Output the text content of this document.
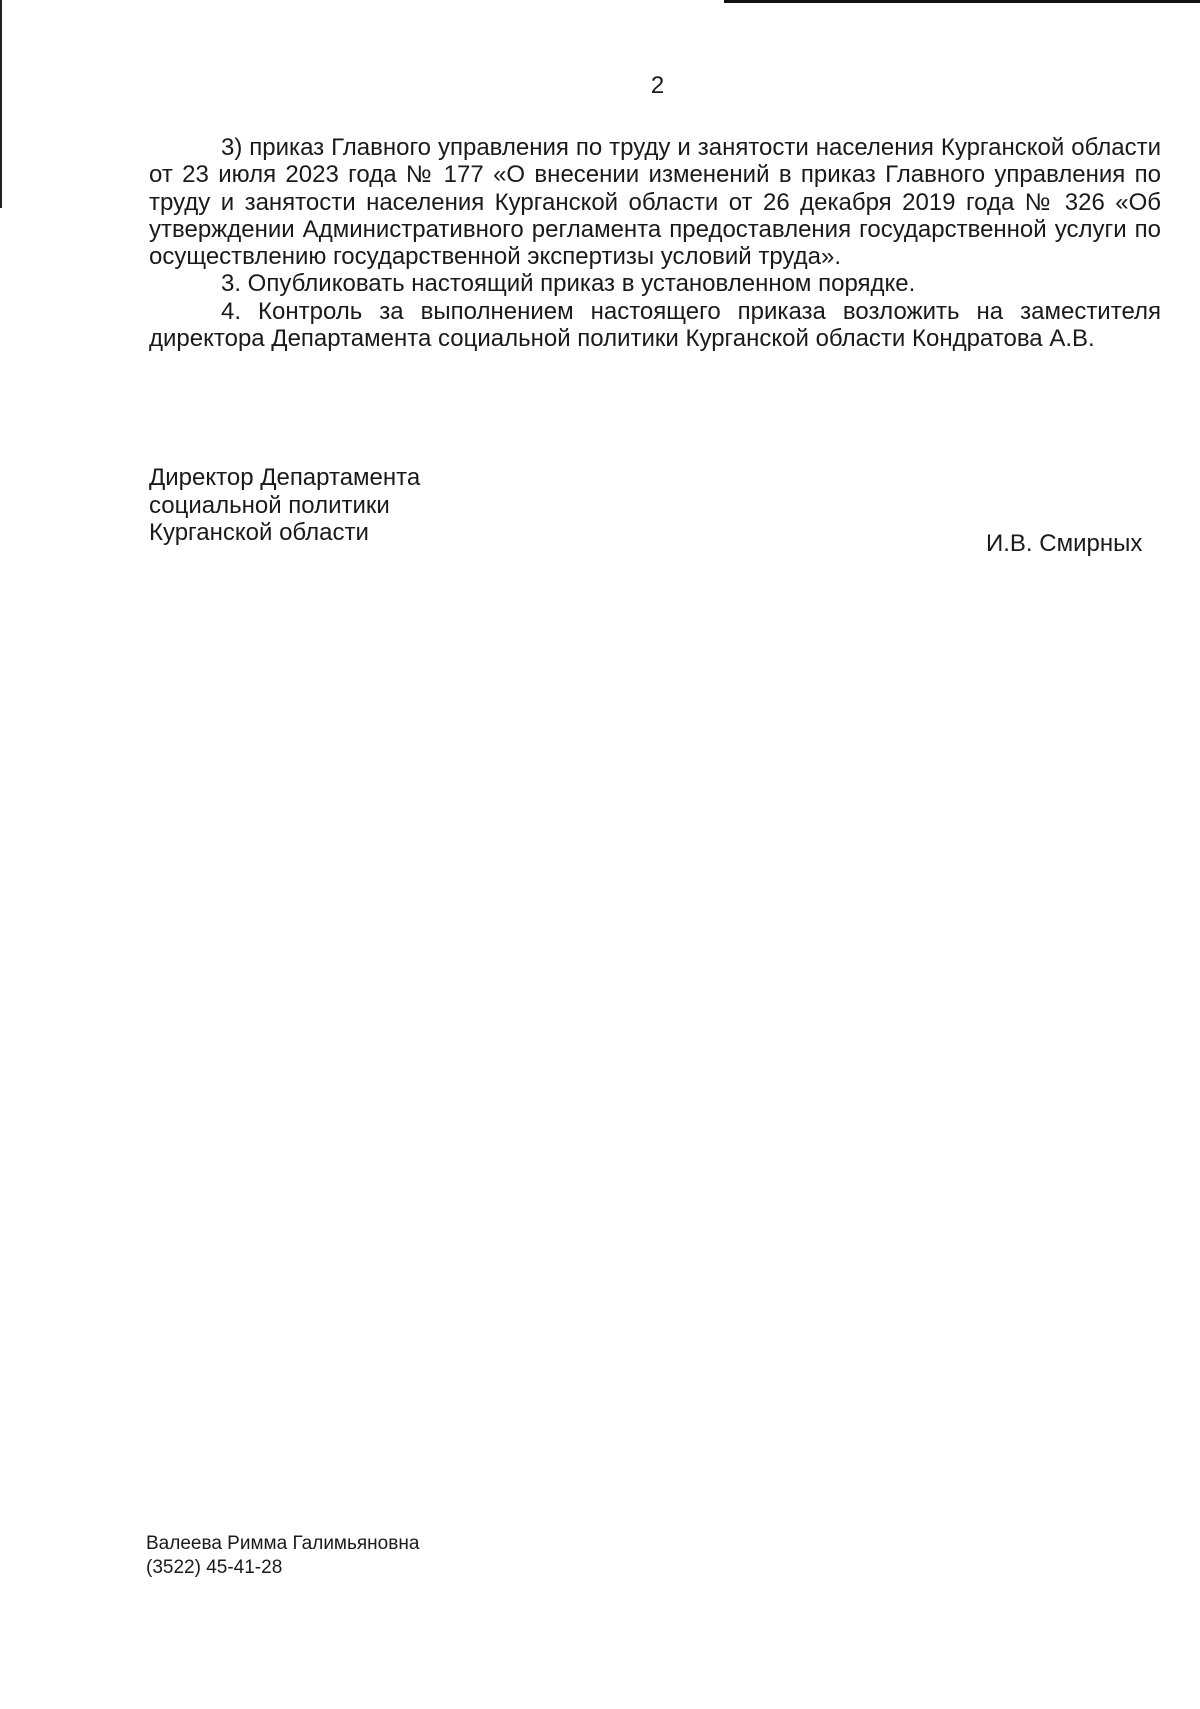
2

3) приказ Главного управления по труду и занятости населения Курганской области от 23 июля 2023 года № 177 «О внесении изменений в приказ Главного управления по труду и занятости населения Курганской области от 26 декабря 2019 года № 326 «Об утверждении Административного регламента предоставления государственной услуги по осуществлению государственной экспертизы условий труда».

3. Опубликовать настоящий приказ в установленном порядке.

4. Контроль за выполнением настоящего приказа возложить на заместителя директора Департамента социальной политики Курганской области Кондратова А.В.

Директор Департамента
социальной политики
Курганской области	И.В. Смирных
Валеева Римма Галимьяновна
(3522) 45-41-28
